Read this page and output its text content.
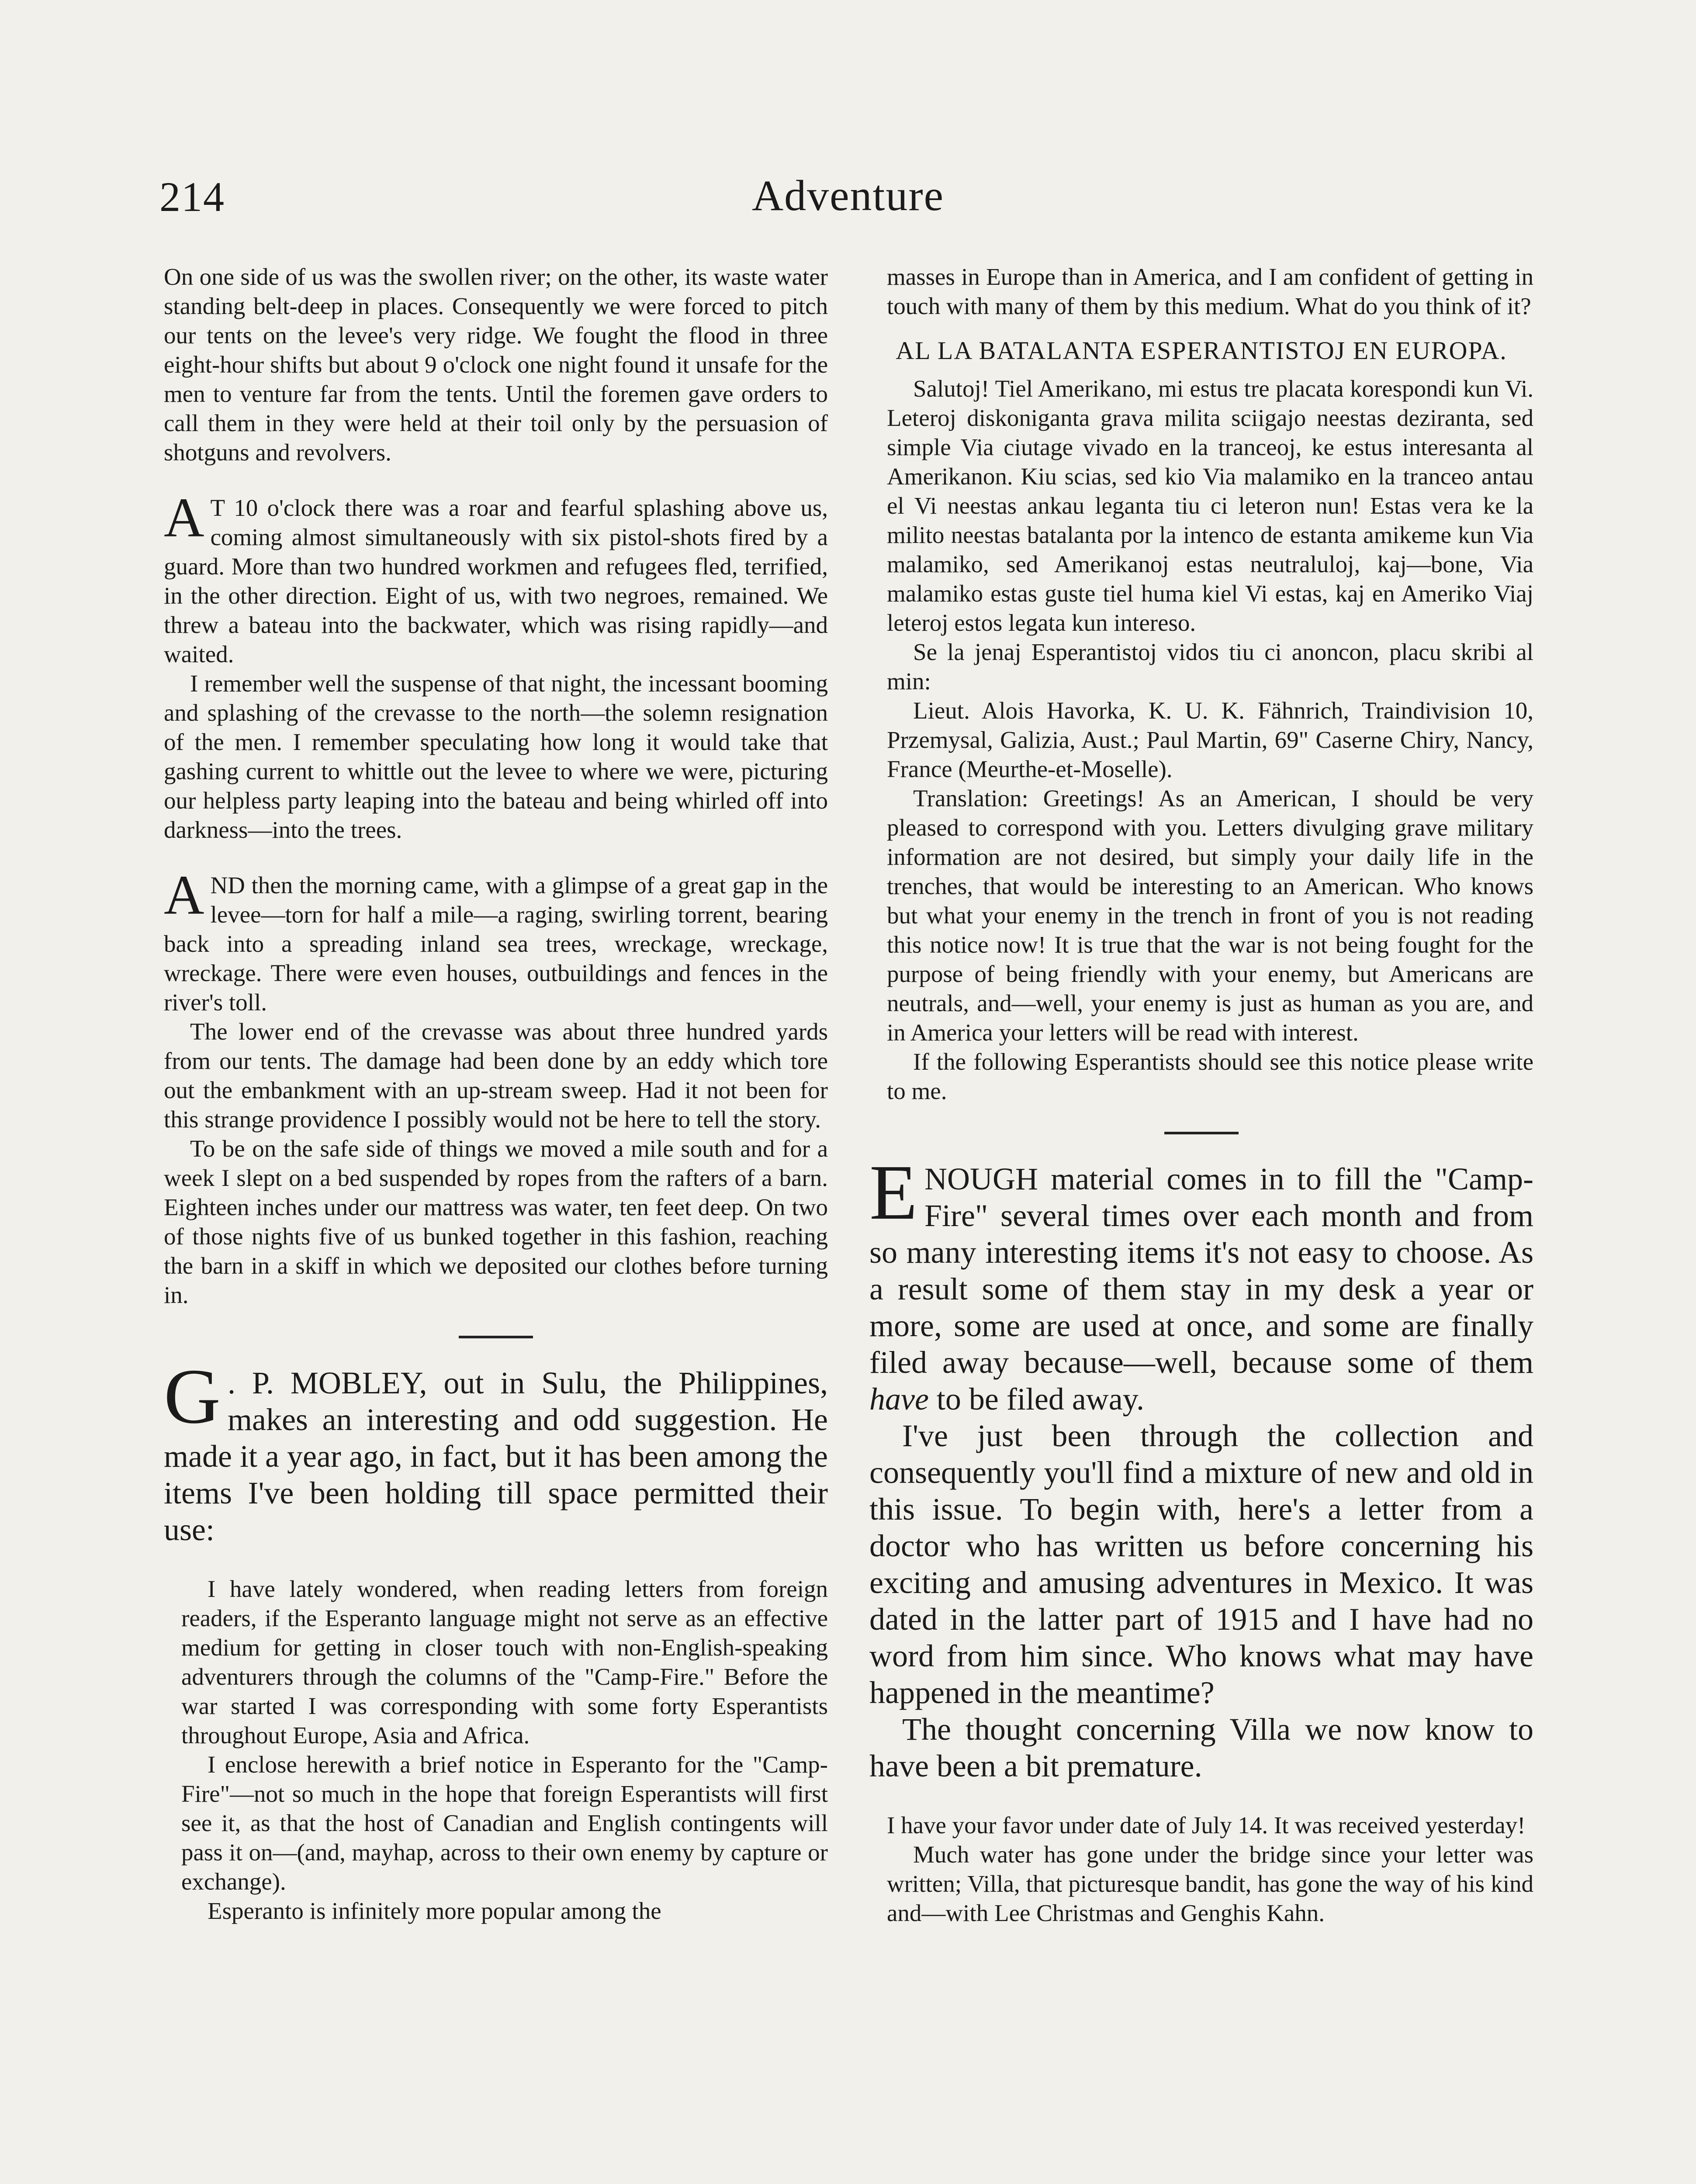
214	Adventure

On one side of us was the swollen river; on the other, its waste water standing belt-deep in places. Consequently we were forced to pitch our tents on the levee's very ridge. We fought the flood in three eight-hour shifts but about 9 o'clock one night found it unsafe for the men to venture far from the tents. Until the foremen gave orders to call them in they were held at their toil only by the persuasion of shotguns and revolvers.

A T 10 o'clock there was a roar and fearful splashing above us, coming almost simultaneously with six pistol-shots fired by a guard. More than two hundred workmen and refugees fled, terrified, in the other direction. Eight of us, with two negroes, remained. We threw a bateau into the backwater, which was rising rapidly—and waited.

I remember well the suspense of that night, the incessant booming and splashing of the crevasse to the north—the solemn resignation of the men. I remember speculating how long it would take that gashing current to whittle out the levee to where we were, picturing our helpless party leaping into the bateau and being whirled off into darkness—into the trees.

AND then the morning came, with a glimpse of a great gap in the levee—torn for half a mile—a raging, swirling torrent, bearing back into a spreading inland sea trees, wreckage, wreckage, wreckage. There were even houses, outbuildings and fences in the river's toll.

The lower end of the crevasse was about three hundred yards from our tents. The damage had been done by an eddy which tore out the embankment with an up-stream sweep. Had it not been for this strange providence I possibly would not be here to tell the story.

To be on the safe side of things we moved a mile south and for a week I slept on a bed suspended by ropes from the rafters of a barn. Eighteen inches under our mattress was water, ten feet deep. On two of those nights five of us bunked together in this fashion, reaching the barn in a skiff in which we deposited our clothes before turning in.

G . P. MOBLEY, out in Sulu, the Philippines, makes an interesting and odd suggestion. He made it a year ago, in fact, but it has been among the items I've been holding till space permitted their use:

I have lately wondered, when reading letters from foreign readers, if the Esperanto language might not serve as an effective medium for getting in closer touch with non-English-speaking adventurers through the columns of the "Camp-Fire." Before the war started I was corresponding with some forty Esperantists throughout Europe, Asia and Africa.

I enclose herewith a brief notice in Esperanto for the "Camp-Fire"—not so much in the hope that foreign Esperantists will first see it, as that the host of Canadian and English contingents will pass it on—(and, mayhap, across to their own enemy by capture or exchange).

Esperanto is infinitely more popular among the

masses in Europe than in America, and I am confident of getting in touch with many of them by this medium. What do you think of it?

AL LA BATALANTA ESPERANTISTOJ EN EUROPA.

Salutoj! Tiel Amerikano, mi estus tre placata korespondi kun Vi. Leteroj diskoniganta grava milita sciigajo neestas deziranta, sed simple Via ciutage vivado en la tranceoj, ke estus interesanta al Amerikanon. Kiu scias, sed kio Via malamiko en la tranceo antau el Vi neestas ankau leganta tiu ci leteron nun! Estas vera ke la milito neestas batalanta por la intenco de estanta amikeme kun Via malamiko, sed Amerikanoj estas neutraluloj, kaj—bone, Via malamiko estas guste tiel huma kiel Vi estas, kaj en Ameriko Viaj leteroj estos legata kun intereso.

Se la jenaj Esperantistoj vidos tiu ci anoncon, placu skribi al min:

Lieut. Alois Havorka, K. U. K. Fähnrich, Traindivision 10, Przemysal, Galizia, Aust.; Paul Martin, 69" Caserne Chiry, Nancy, France (Meurthe-et-Moselle).

Translation: Greetings! As an American, I should be very pleased to correspond with you. Letters divulging grave military information are not desired, but simply your daily life in the trenches, that would be interesting to an American. Who knows but what your enemy in the trench in front of you is not reading this notice now! It is true that the war is not being fought for the purpose of being friendly with your enemy, but Americans are neutrals, and—well, your enemy is just as human as you are, and in America your letters will be read with interest.

If the following Esperantists should see this notice please write to me.

ENOUGH material comes in to fill the "Camp-Fire" several times over each month and from so many interesting items it's not easy to choose. As a result some of them stay in my desk a year or more, some are used at once, and some are finally filed away because—well, because some of them have to be filed away.

I've just been through the collection and consequently you'll find a mixture of new and old in this issue. To begin with, here's a letter from a doctor who has written us before concerning his exciting and amusing adventures in Mexico. It was dated in the latter part of 1915 and I have had no word from him since. Who knows what may have happened in the meantime?

The thought concerning Villa we now know to have been a bit premature.

I have your favor under date of July 14. It was received yesterday!

Much water has gone under the bridge since your letter was written; Villa, that picturesque bandit, has gone the way of his kind and—with Lee Christmas and Genghis Kahn.
